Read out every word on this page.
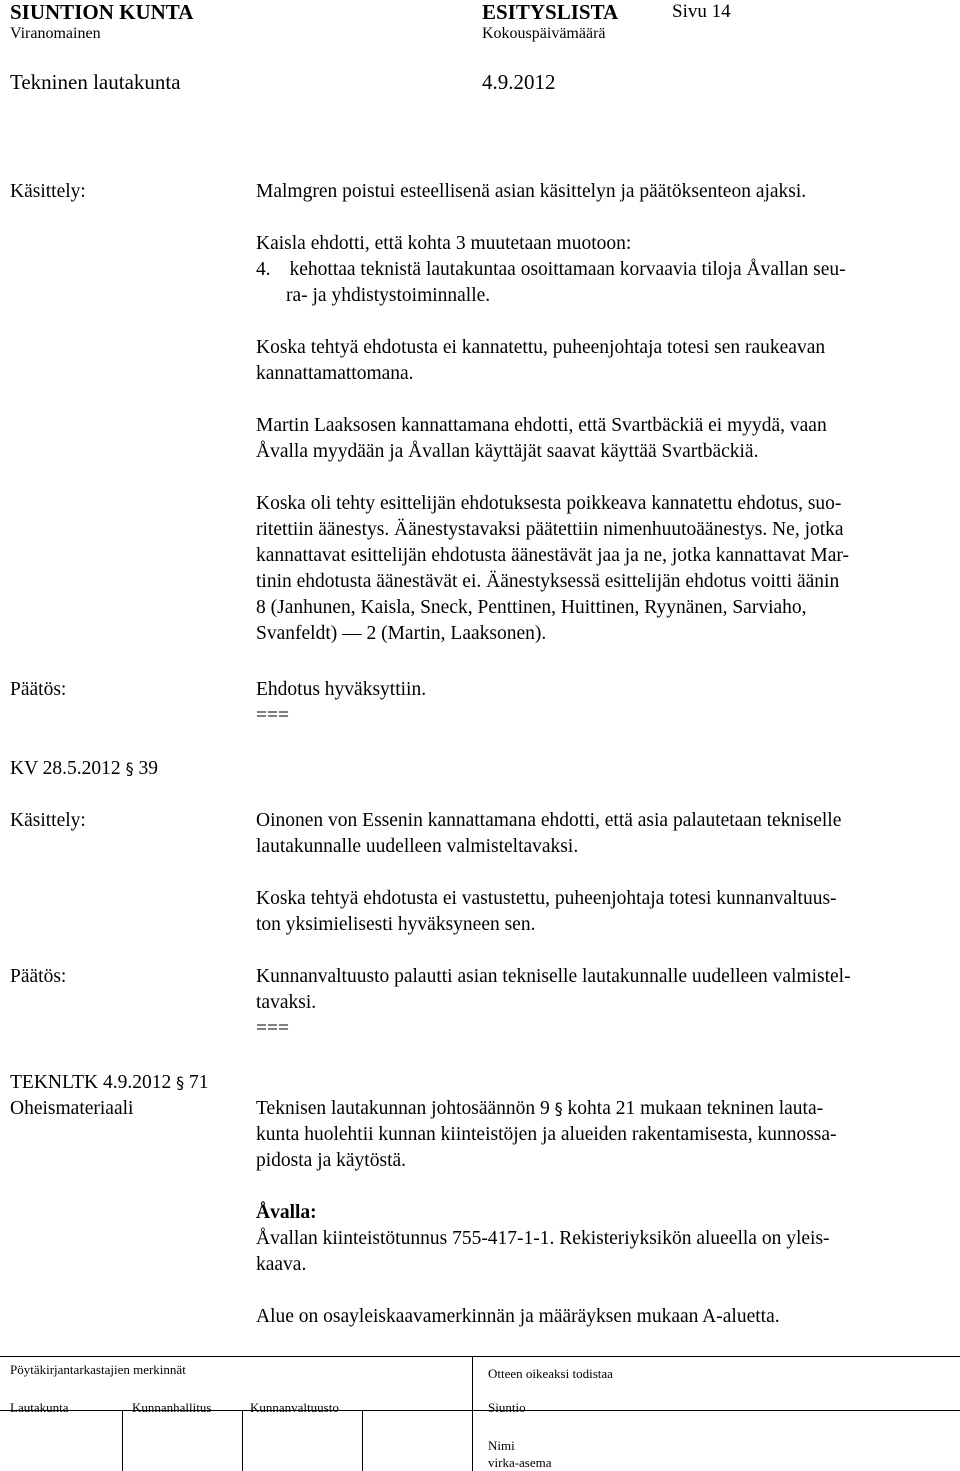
SIUNTION KUNTA	ESITYSLISTA	Sivu 14
Viranomainen	Kokouspäivämäärä
Tekninen lautakunta	4.9.2012
Käsittely:	Malmgren poistui esteellisenä asian käsittelyn ja päätöksenteon ajaksi.

Kaisla ehdotti, että kohta 3 muutetaan muotoon:

4. kehottaa teknistä lautakuntaa osoittamaan korvaavia tiloja Åvallan seu-

ra- ja yhdistystoiminnalle.

Koska tehtyä ehdotusta ei kannatettu, puheenjohtaja totesi sen raukeavan

kannattamattomana.

Martin Laaksosen kannattamana ehdotti, että Svartbäckiä ei myydä, vaan

Åvalla myydään ja Åvallan käyttäjät saavat käyttää Svartbäckiä.

Koska oli tehty esittelijän ehdotuksesta poikkeava kannatettu ehdotus, suo-

ritettiin äänestys. Äänestystavaksi päätettiin nimenhuutoäänestys. Ne, jotka

kannattavat esittelijän ehdotusta äänestävät jaa ja ne, jotka kannattavat Mar-

tinin ehdotusta äänestävät ei. Äänestyksessä esittelijän ehdotus voitti äänin

8 (Janhunen, Kaisla, Sneck, Penttinen, Huittinen, Ryynänen, Sarviaho,

Svanfeldt) — 2 (Martin, Laaksonen).

Päätös:	Ehdotus hyväksyttiin.

===

KV 28.5.2012 § 39
Käsittely:	Oinonen von Essenin kannattamana ehdotti, että asia palautetaan tekniselle

lautakunnalle uudelleen valmisteltavaksi.

Koska tehtyä ehdotusta ei vastustettu, puheenjohtaja totesi kunnanvaltuus-

ton yksimielisesti hyväksyneen sen.

Päätös:	Kunnanvaltuusto palautti asian tekniselle lautakunnalle uudelleen valmistel-

tavaksi.

===

TEKNLTK 4.9.2012 § 71
Oheismateriaali	Teknisen lautakunnan johtosäännön 9 § kohta 21 mukaan tekninen lauta-

kunta huolehtii kunnan kiinteistöjen ja alueiden rakentamisesta, kunnossa-

pidosta ja käytöstä.

Åvalla:

Åvallan kiinteistötunnus 755-417-1-1. Rekisteriyksikön alueella on yleis-

kaava.

Alue on osayleiskaavamerkinnän ja määräyksen mukaan A-aluetta.

Pöytäkirjantarkastajien merkinnät	Otteen oikeaksi todistaa
Lautakunta	Kunnanhallitus	Kunnanvaltuusto	Siuntio
Nimi
virka-asema
